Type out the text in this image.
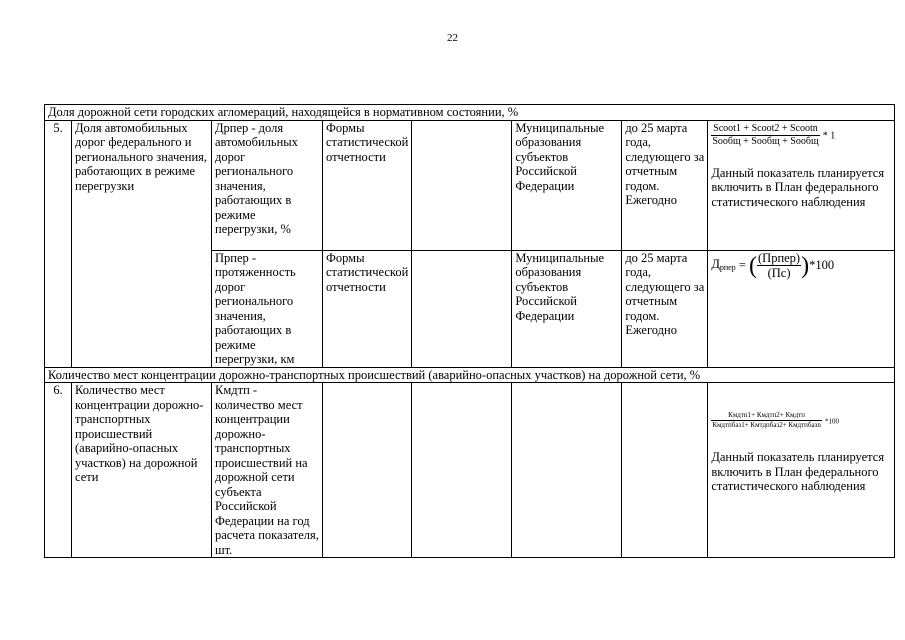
22
Доля дорожной сети городских агломераций, находящейся в нормативном состоянии, %							
5.	Доля автомобильных дорог федерального и регионального значения, работающих в режиме перегрузки	Дрпер - доля автомобильных дорог регионального значения, работающих в режиме перегрузки, %	Формы статистической отчетности		Муниципальные образования субъектов Российской Федерации	до 25 марта года, следующего за отчетным годом. Ежегодно	Scoot1 + Scoot2 + Scootn
Sообщ + Sообщ + Sообщ * 1
Данный показатель планируется включить в План федерального статистического наблюдения

		Прпер - протяженность дорог регионального значения, работающих в режиме перегрузки, км	Формы статистической отчетности		Муниципальные образования субъектов Российской Федерации	до 25 марта года, следующего за отчетным годом. Ежегодно	$Д_{рпер}$ = ( (Прпер)
(Пс) )*100

Количество мест концентрации дорожно-транспортных происшествий (аварийно-опасных участков) на дорожной сети, %							
6.	Количество мест концентрации дорожно-транспортных происшествий (аварийно-опасных участков) на дорожной сети	Кмдтп - количество мест концентрации дорожно-транспортных происшествий на дорожной сети субъекта Российской Федерации на год расчета показателя, шт.					Кмдтп1+ Кмдтп2+ Кмдтп
Кмдтпбаз1+ Кмтдпбаз2+ Кмдтпбазn *100
Данный показатель планируется включить в План федерального статистического наблюдения
